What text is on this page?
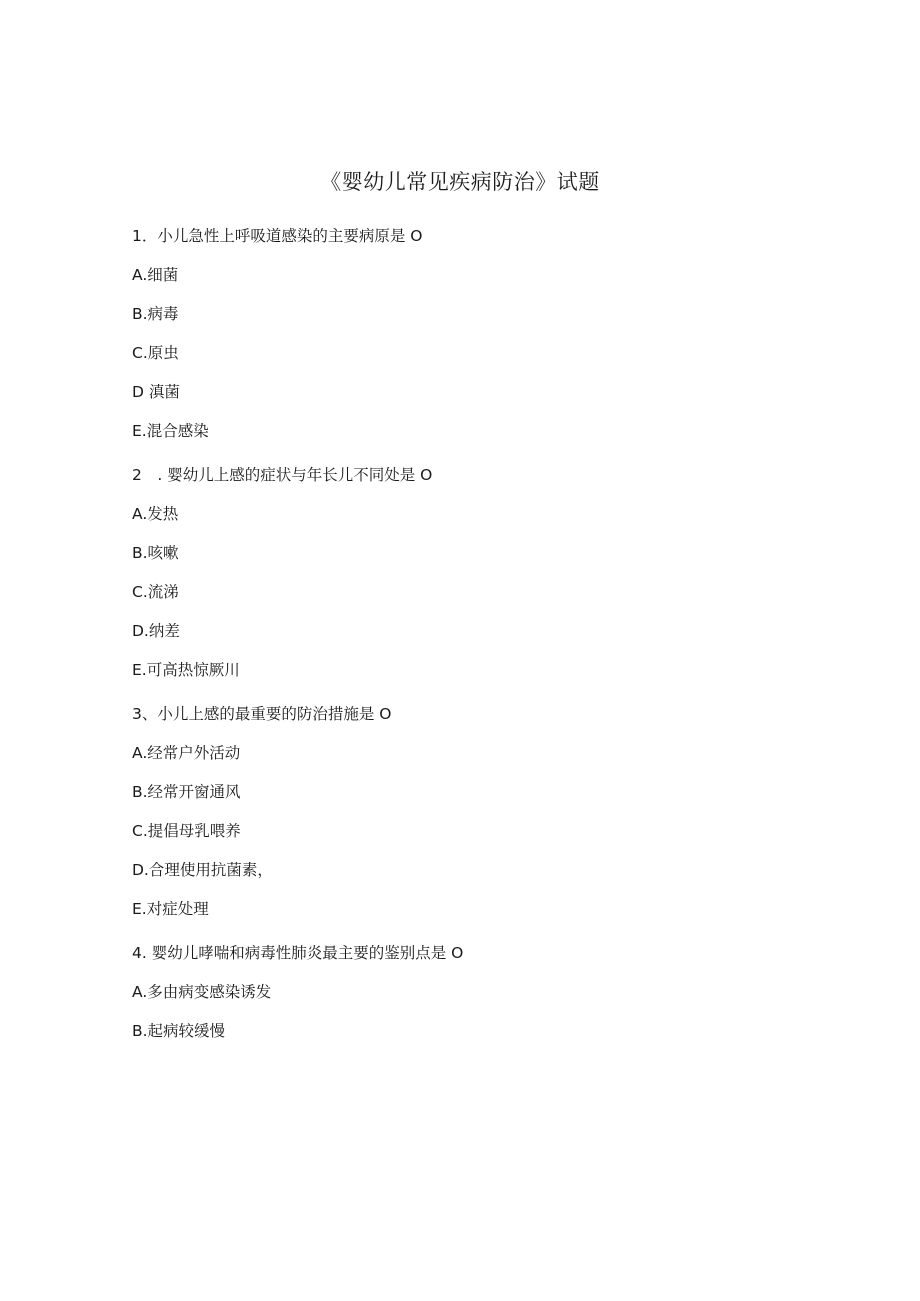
《婴幼儿常见疾病防治》试题
1．小儿急性上呼吸道感染的主要病原是 O
A.细菌
B.病毒
C.原虫
D 滇菌
E.混合感染
2　. 婴幼儿上感的症状与年长儿不同处是 O
A.发热
B.咳嗽
C.流涕
D.纳差
E.可高热惊厥川
3、小儿上感的最重要的防治措施是 O
A.经常户外活动
B.经常开窗通风
C.提倡母乳喂养
D.合理使用抗菌素，
E.对症处理
4. 婴幼儿哮喘和病毒性肺炎最主要的鉴别点是 O
A.多由病变感染诱发
B.起病较缓慢
